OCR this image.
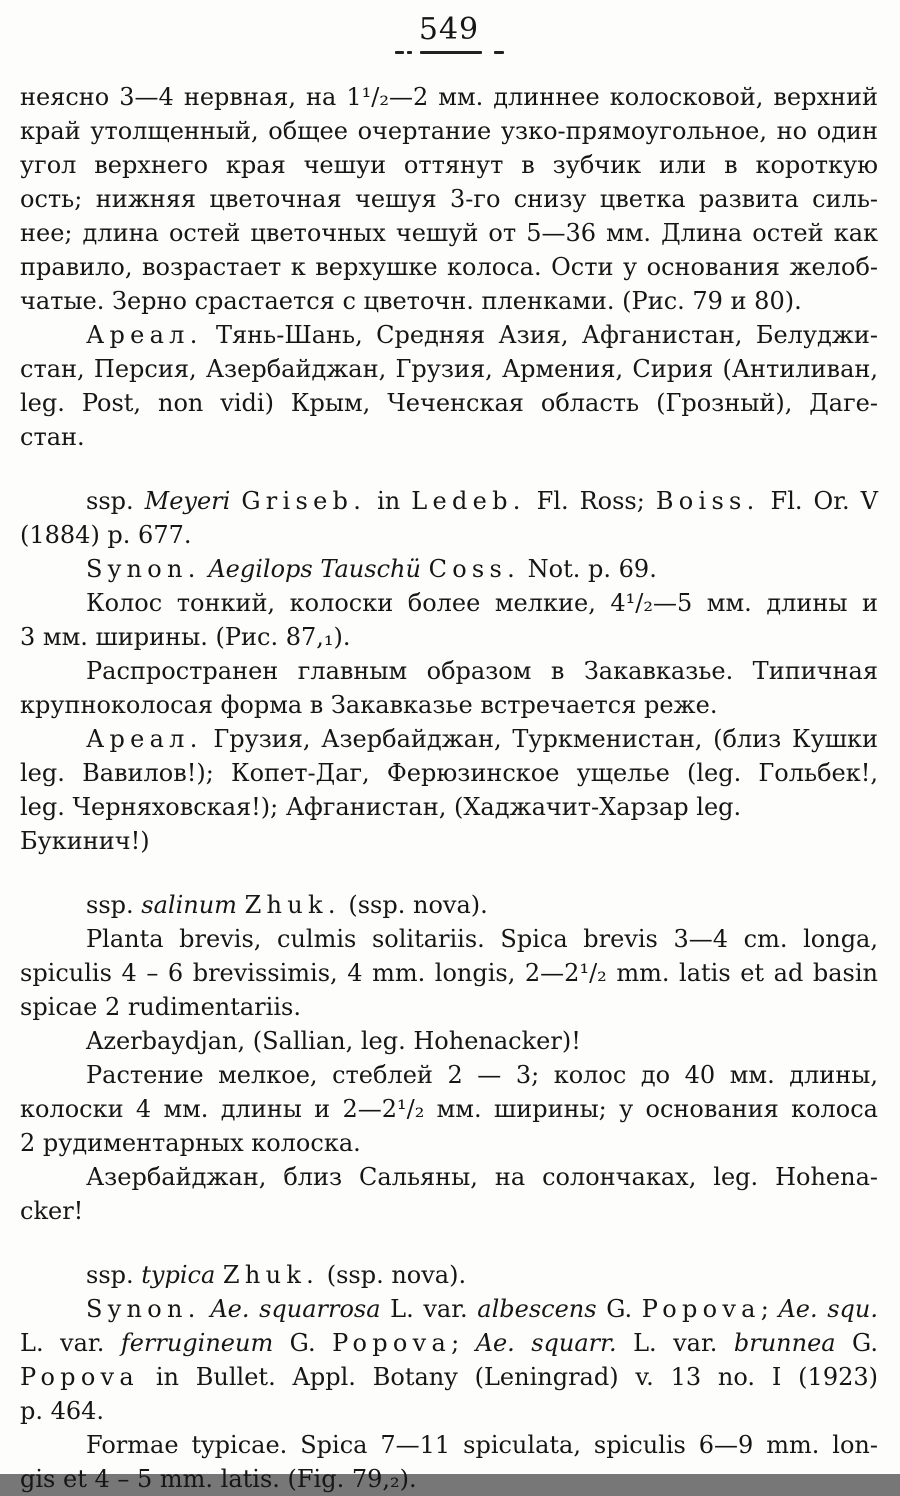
549
неясно 3—4 нервная, на 1¹/₂—2 мм. длиннее колосковой, верхний
край утолщенный, общее очертание узко-прямоугольное, но один
угол верхнего края чешуи оттянут в зубчик или в короткую
ость; нижняя цветочная чешуя 3-го снизу цветка развита силь-
нее; длина остей цветочных чешуй от 5—36 мм. Длина остей как
правило, возрастает к верхушке колоса. Ости у основания желоб-
чатые. Зерно срастается с цветочн. пленками. (Рис. 79 и 80).
Ареал. Тянь-Шань, Средняя Азия, Афганистан, Белуджи-
стан, Персия, Азербайджан, Грузия, Армения, Сирия (Антиливан,
leg. Post, non vidi) Крым, Чеченская область (Грозный), Даге-
стан.
ssp. Meyeri Griseb. in Ledeb. Fl. Ross; Boiss. Fl. Or. V
(1884) p. 677.
Synon. Aegilops Tauschü Coss. Not. p. 69.
Колос тонкий, колоски более мелкие, 4¹/₂—5 мм. длины и
3 мм. ширины. (Рис. 87,₁).
Распространен главным образом в Закавказье. Типичная
крупноколосая форма в Закавказье встречается реже.
Ареал. Грузия, Азербайджан, Туркменистан, (близ Кушки
leg. Вавилов!); Копет-Даг, Ферюзинское ущелье (leg. Гольбек!,
leg. Черняховская!); Афганистан, (Хаджачит-Харзар leg. Букинич!)
ssp. salinum Zhuk. (ssp. nova).
Planta brevis, culmis solitariis. Spica brevis 3—4 cm. longa,
spiculis 4 – 6 brevissimis, 4 mm. longis, 2—2¹/₂ mm. latis et ad basin
spicae 2 rudimentariis.
Azerbaydjan, (Sallian, leg. Hohenacker)!
Растение мелкое, стеблей 2 — 3; колос до 40 мм. длины,
колоски 4 мм. длины и 2—2¹/₂ мм. ширины; у основания колоса
2 рудиментарных колоска.
Азербайджан, близ Сальяны, на солончаках, leg. Hohena-
cker!
ssp. typica Zhuk. (ssp. nova).
Synon. Ae. squarrosa L. var. albescens G. Popova; Ae. squ.
L. var. ferrugineum G. Popova; Ae. squarr. L. var. brunnea G.
Popova in Bullet. Appl. Botany (Leningrad) v. 13 no. I (1923)
p. 464.
Formae typicae. Spica 7—11 spiculata, spiculis 6—9 mm. lon-
gis et 4 – 5 mm. latis. (Fig. 79,₂).
